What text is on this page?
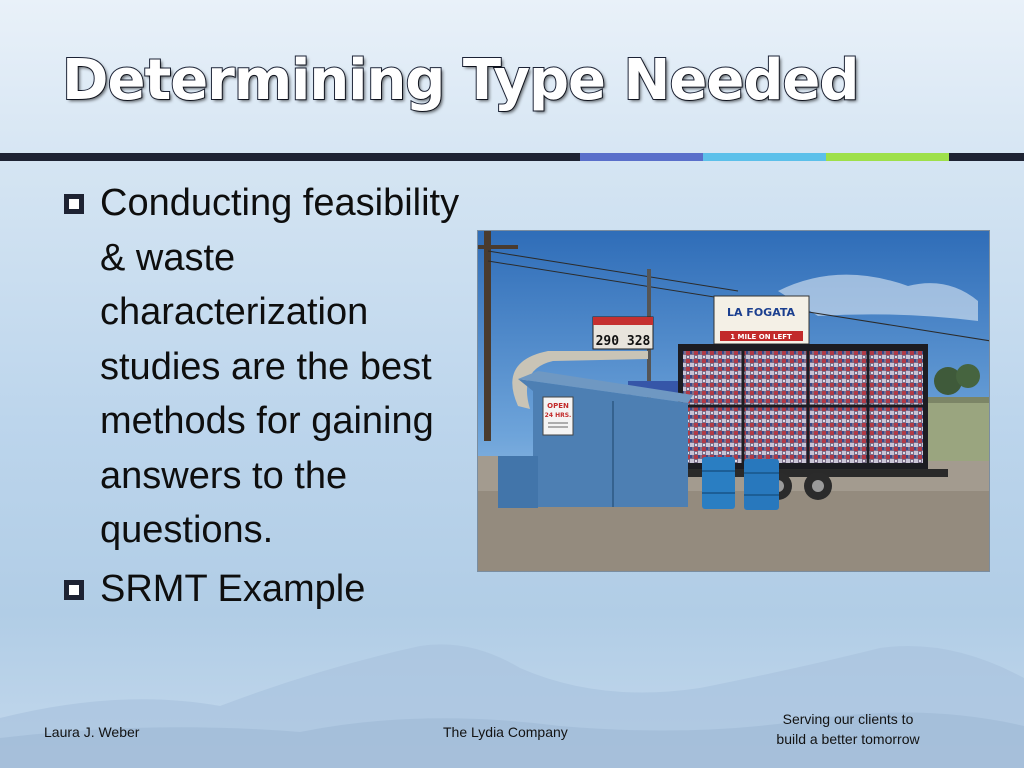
Determining Type Needed
Conducting feasibility & waste characterization studies are the best methods for gaining answers to the questions.
SRMT Example
290 328
LA FOGATA
1 MILE ON LEFT
OPEN
24 HRS.
Laura J. Weber	The Lydia Company
Serving our clients to
build a better tomorrow
